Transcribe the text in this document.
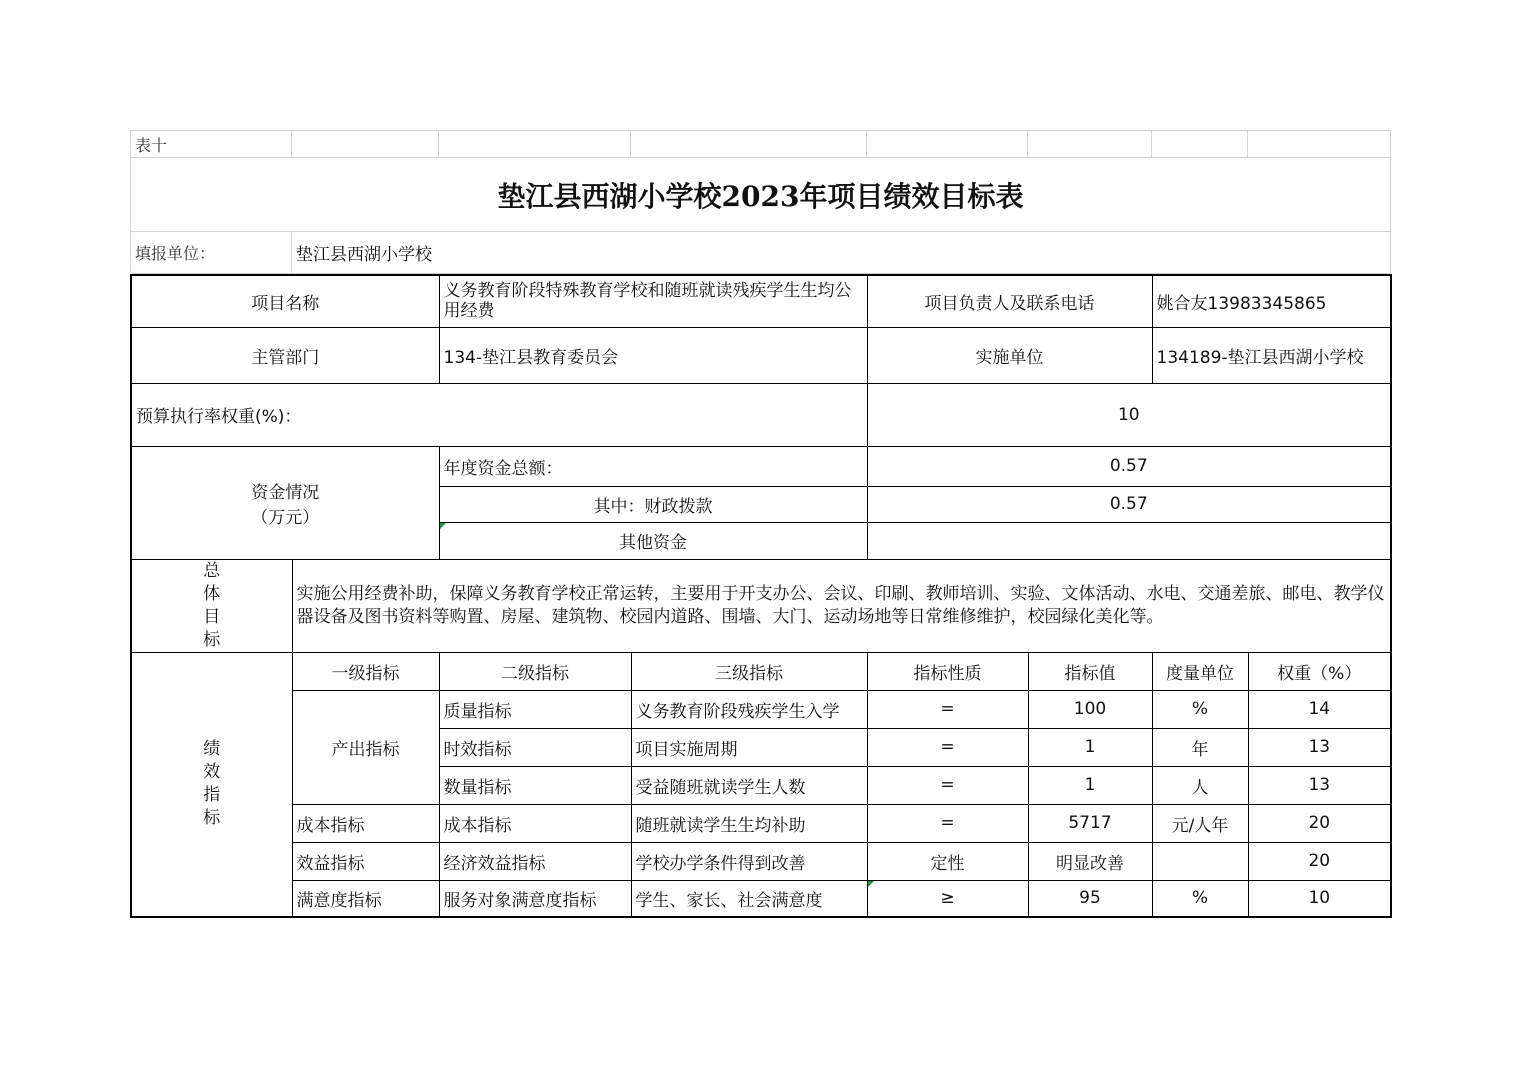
表十							
垫江县西湖小学校2023年项目绩效目标表							
填报单位：	垫江县西湖小学校						
项目名称		义务教育阶段特殊教育学校和随班就读残疾学生生均公用经费		项目负责人及联系电话		姚合友13983345865	
主管部门		134-垫江县教育委员会		实施单位		134189-垫江县西湖小学校	
预算执行率权重(%)：				10			

资金情况
（万元）		年度资金总额：		0.57			
		其中：财政拨款		0.57			
		其他资金					

总
体
目
标	实施公用经费补助，保障义务教育学校正常运转，主要用于开支办公、会议、印刷、教师培训、实验、文体活动、水电、交通差旅、邮电、教学仪器设备及图书资料等购置、房屋、建筑物、校园内道路、围墙、大门、运动场地等日常维修维护，校园绿化美化等。						

绩
效
指
标	一级指标	二级指标	三级指标	指标性质	指标值	度量单位	权重（%）
	产出指标	质量指标	义务教育阶段残疾学生入学	=	100	%	14
		时效指标	项目实施周期	=	1	年	13
		数量指标	受益随班就读学生人数	=	1	人	13
	成本指标	成本指标	随班就读学生生均补助	=	5717	元/人年	20
	效益指标	经济效益指标	学校办学条件得到改善	定性	明显改善		20
	满意度指标	服务对象满意度指标	学生、家长、社会满意度	≥	95	%	10
